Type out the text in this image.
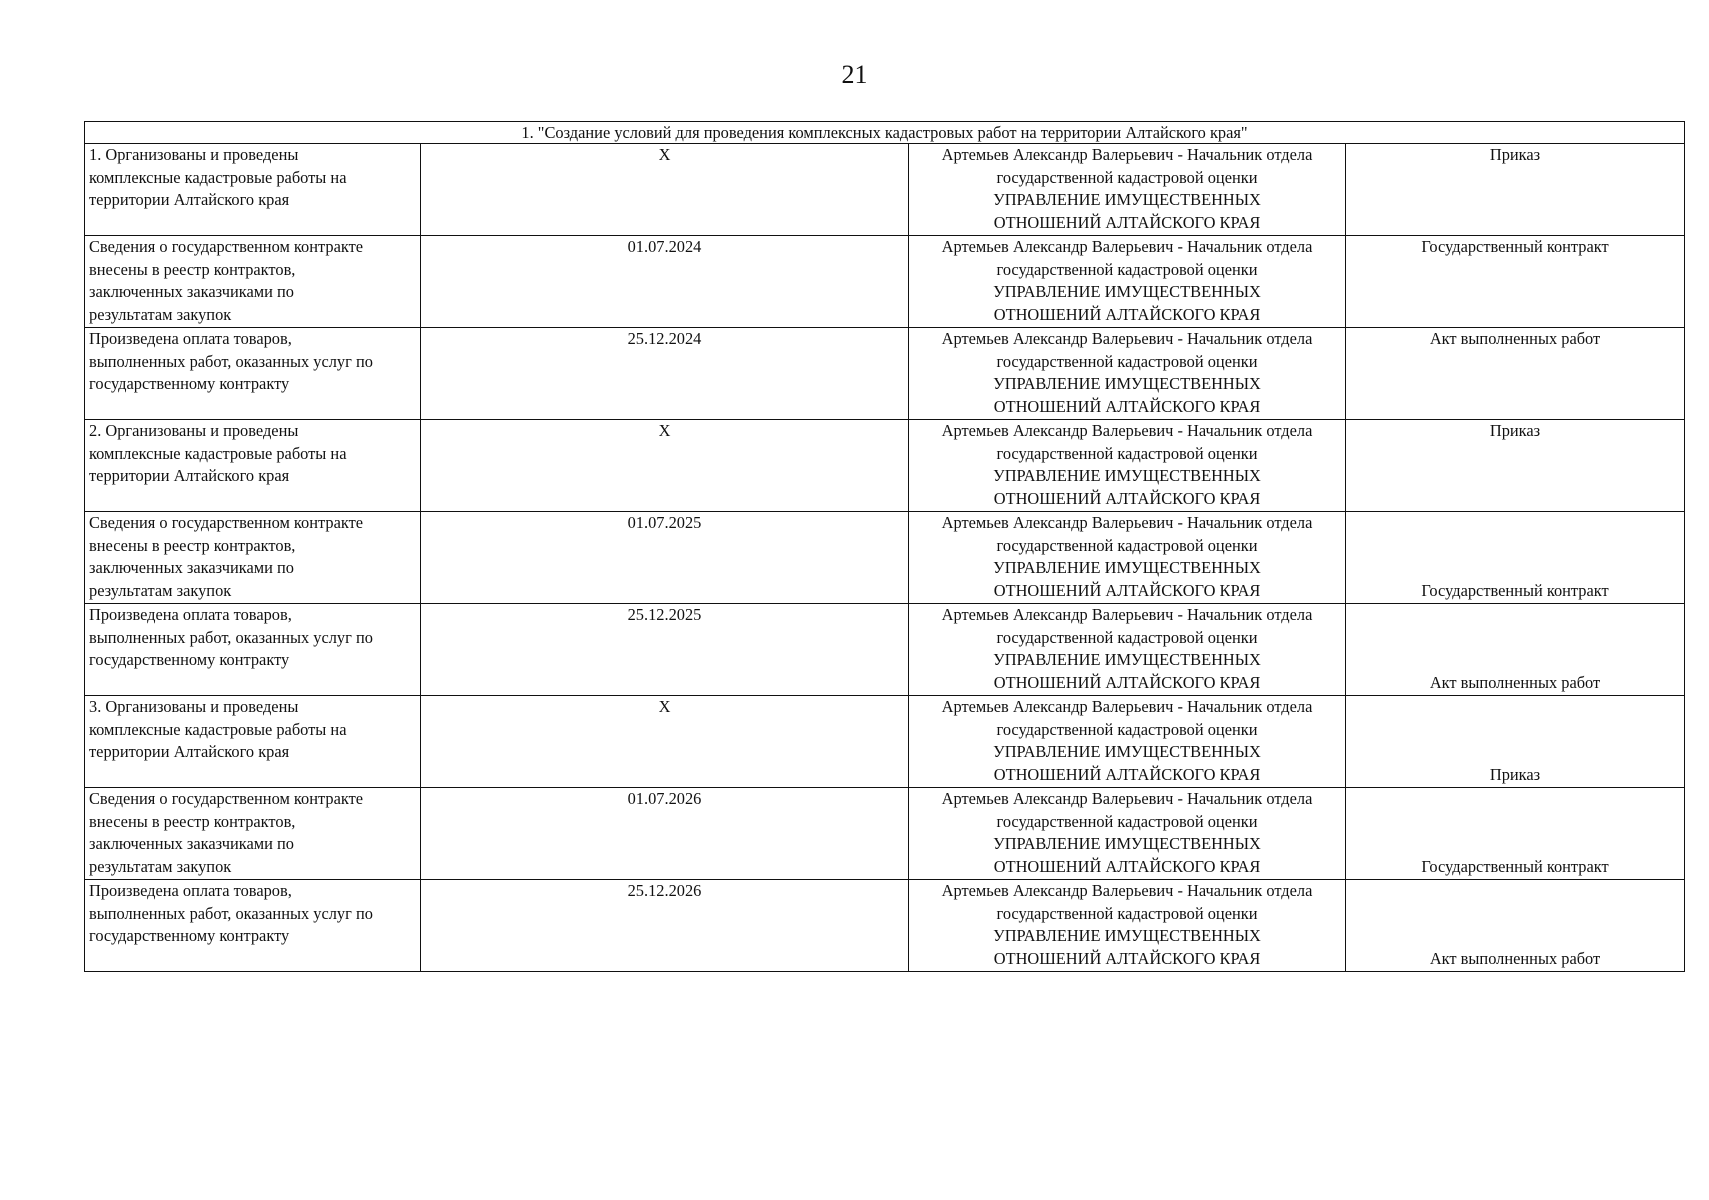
21
1. "Создание условий для проведения комплексных кадастровых работ на территории Алтайского края"			

1. Организованы и проведены
комплексные кадастровые работы на
территории Алтайского края	X	Артемьев Александр Валерьевич - Начальник отдела
государственной кадастровой оценки
УПРАВЛЕНИЕ ИМУЩЕСТВЕННЫХ
ОТНОШЕНИЙ АЛТАЙСКОГО КРАЯ	Приказ

Сведения о государственном контракте
внесены в реестр контрактов,
заключенных заказчиками по
результатам закупок	01.07.2024	Артемьев Александр Валерьевич - Начальник отдела
государственной кадастровой оценки
УПРАВЛЕНИЕ ИМУЩЕСТВЕННЫХ
ОТНОШЕНИЙ АЛТАЙСКОГО КРАЯ	Государственный контракт

Произведена оплата товаров,
выполненных работ, оказанных услуг по
государственному контракту	25.12.2024	Артемьев Александр Валерьевич - Начальник отдела
государственной кадастровой оценки
УПРАВЛЕНИЕ ИМУЩЕСТВЕННЫХ
ОТНОШЕНИЙ АЛТАЙСКОГО КРАЯ	Акт выполненных работ

2. Организованы и проведены
комплексные кадастровые работы на
территории Алтайского края	X	Артемьев Александр Валерьевич - Начальник отдела
государственной кадастровой оценки
УПРАВЛЕНИЕ ИМУЩЕСТВЕННЫХ
ОТНОШЕНИЙ АЛТАЙСКОГО КРАЯ	Приказ

Сведения о государственном контракте
внесены в реестр контрактов,
заключенных заказчиками по
результатам закупок	01.07.2025	Артемьев Александр Валерьевич - Начальник отдела
государственной кадастровой оценки
УПРАВЛЕНИЕ ИМУЩЕСТВЕННЫХ
ОТНОШЕНИЙ АЛТАЙСКОГО КРАЯ	Государственный контракт

Произведена оплата товаров,
выполненных работ, оказанных услуг по
государственному контракту	25.12.2025	Артемьев Александр Валерьевич - Начальник отдела
государственной кадастровой оценки
УПРАВЛЕНИЕ ИМУЩЕСТВЕННЫХ
ОТНОШЕНИЙ АЛТАЙСКОГО КРАЯ	Акт выполненных работ

3. Организованы и проведены
комплексные кадастровые работы на
территории Алтайского края	X	Артемьев Александр Валерьевич - Начальник отдела
государственной кадастровой оценки
УПРАВЛЕНИЕ ИМУЩЕСТВЕННЫХ
ОТНОШЕНИЙ АЛТАЙСКОГО КРАЯ	Приказ

Сведения о государственном контракте
внесены в реестр контрактов,
заключенных заказчиками по
результатам закупок	01.07.2026	Артемьев Александр Валерьевич - Начальник отдела
государственной кадастровой оценки
УПРАВЛЕНИЕ ИМУЩЕСТВЕННЫХ
ОТНОШЕНИЙ АЛТАЙСКОГО КРАЯ	Государственный контракт

Произведена оплата товаров,
выполненных работ, оказанных услуг по
государственному контракту	25.12.2026	Артемьев Александр Валерьевич - Начальник отдела
государственной кадастровой оценки
УПРАВЛЕНИЕ ИМУЩЕСТВЕННЫХ
ОТНОШЕНИЙ АЛТАЙСКОГО КРАЯ	Акт выполненных работ
